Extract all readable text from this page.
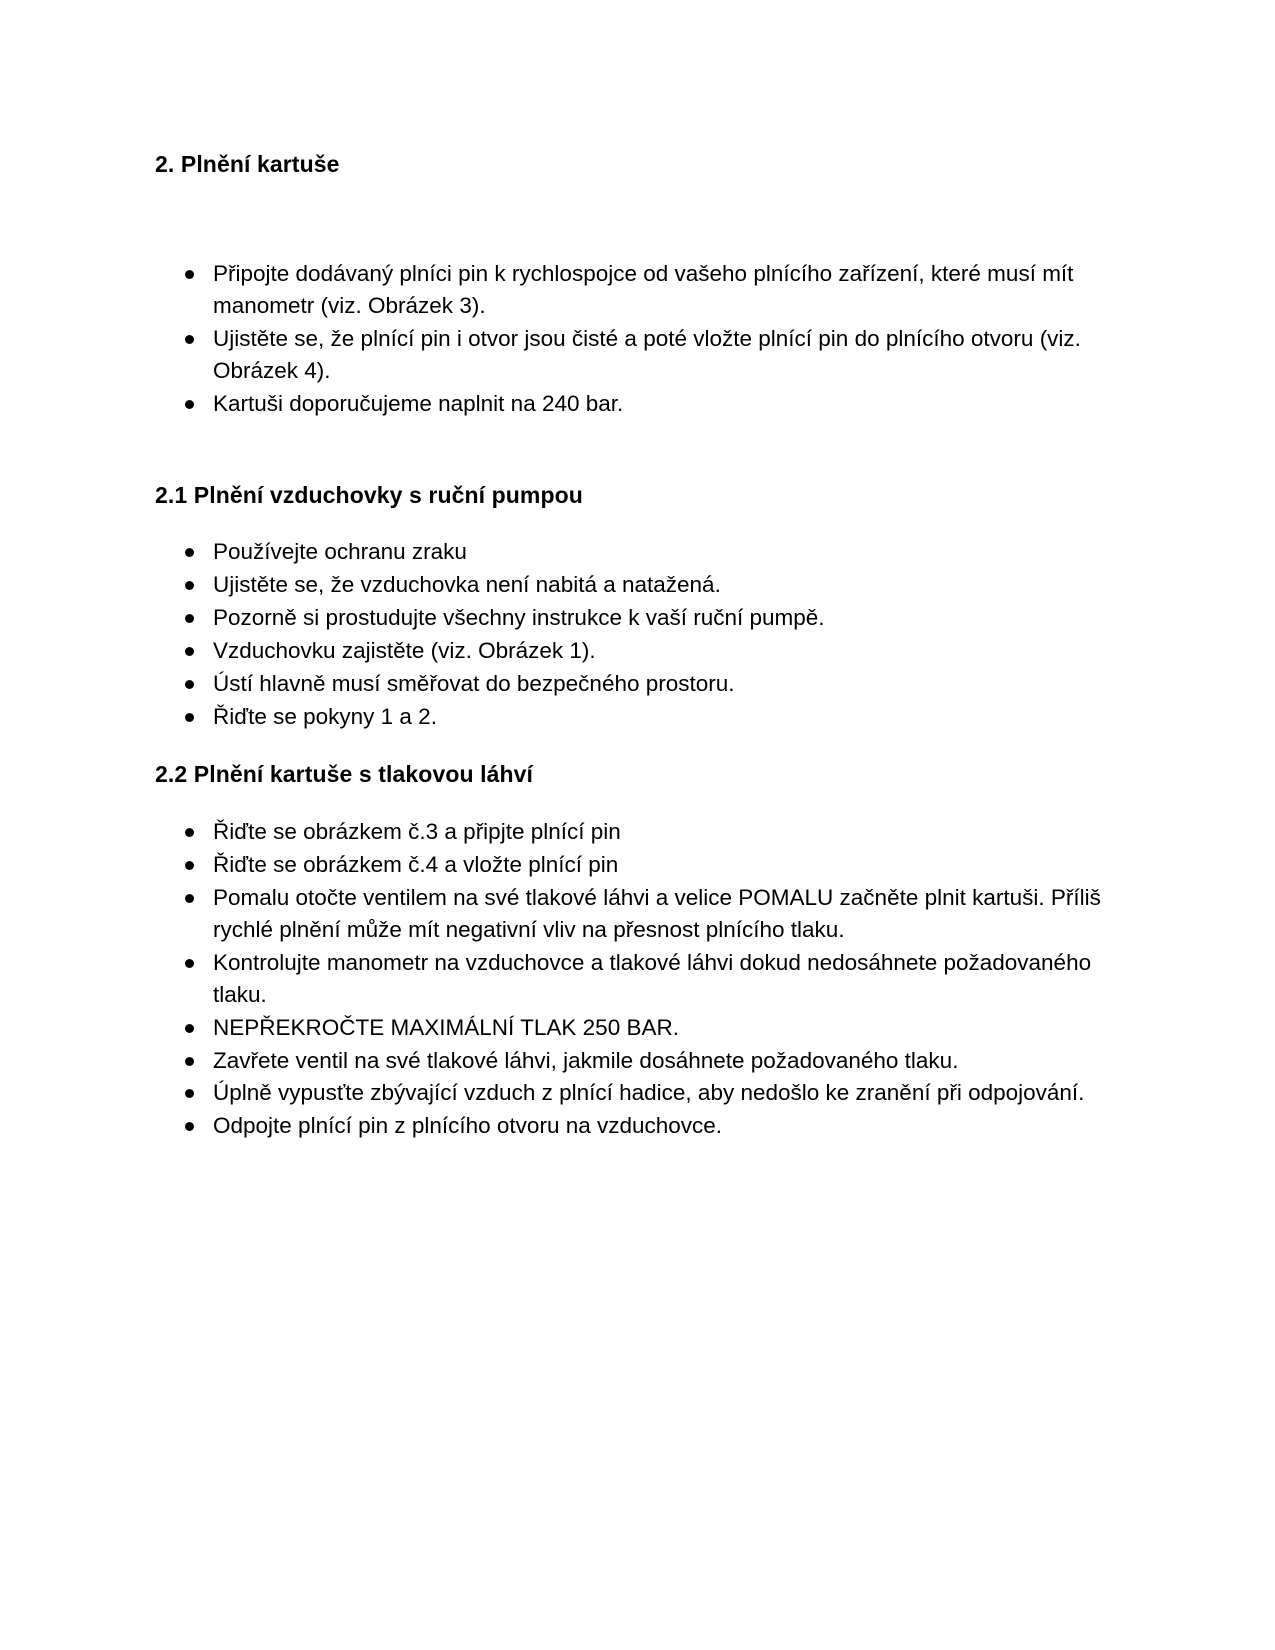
2. Plnění kartuše
Připojte dodávaný plníci pin k rychlospojce od vašeho plnícího zařízení, které musí mít manometr (viz. Obrázek 3).
Ujistěte se, že plnící pin i otvor jsou čisté a poté vložte plnící pin do plnícího otvoru (viz. Obrázek 4).
Kartuši doporučujeme naplnit na 240 bar.
2.1 Plnění vzduchovky s ruční pumpou
Používejte ochranu zraku
Ujistěte se, že vzduchovka není nabitá a natažená.
Pozorně si prostudujte všechny instrukce k vaší ruční pumpě.
Vzduchovku zajistěte (viz. Obrázek 1).
Ústí hlavně musí směřovat do bezpečného prostoru.
Řiďte se pokyny 1 a 2.
2.2 Plnění kartuše s tlakovou láhví
Řiďte se obrázkem č.3 a připjte plnící pin
Řiďte se obrázkem č.4 a vložte plnící pin
Pomalu otočte ventilem na své tlakové láhvi a velice POMALU začněte plnit kartuši. Příliš rychlé plnění může mít negativní vliv na přesnost plnícího tlaku.
Kontrolujte manometr na vzduchovce a tlakové láhvi dokud nedosáhnete požadovaného tlaku.
NEPŘEKROČTE MAXIMÁLNÍ TLAK 250 BAR.
Zavřete ventil na své tlakové láhvi, jakmile dosáhnete požadovaného tlaku.
Úplně vypusťte zbývající vzduch z plnící hadice, aby nedošlo ke zranění při odpojování.
Odpojte plnící pin z plnícího otvoru na vzduchovce.
